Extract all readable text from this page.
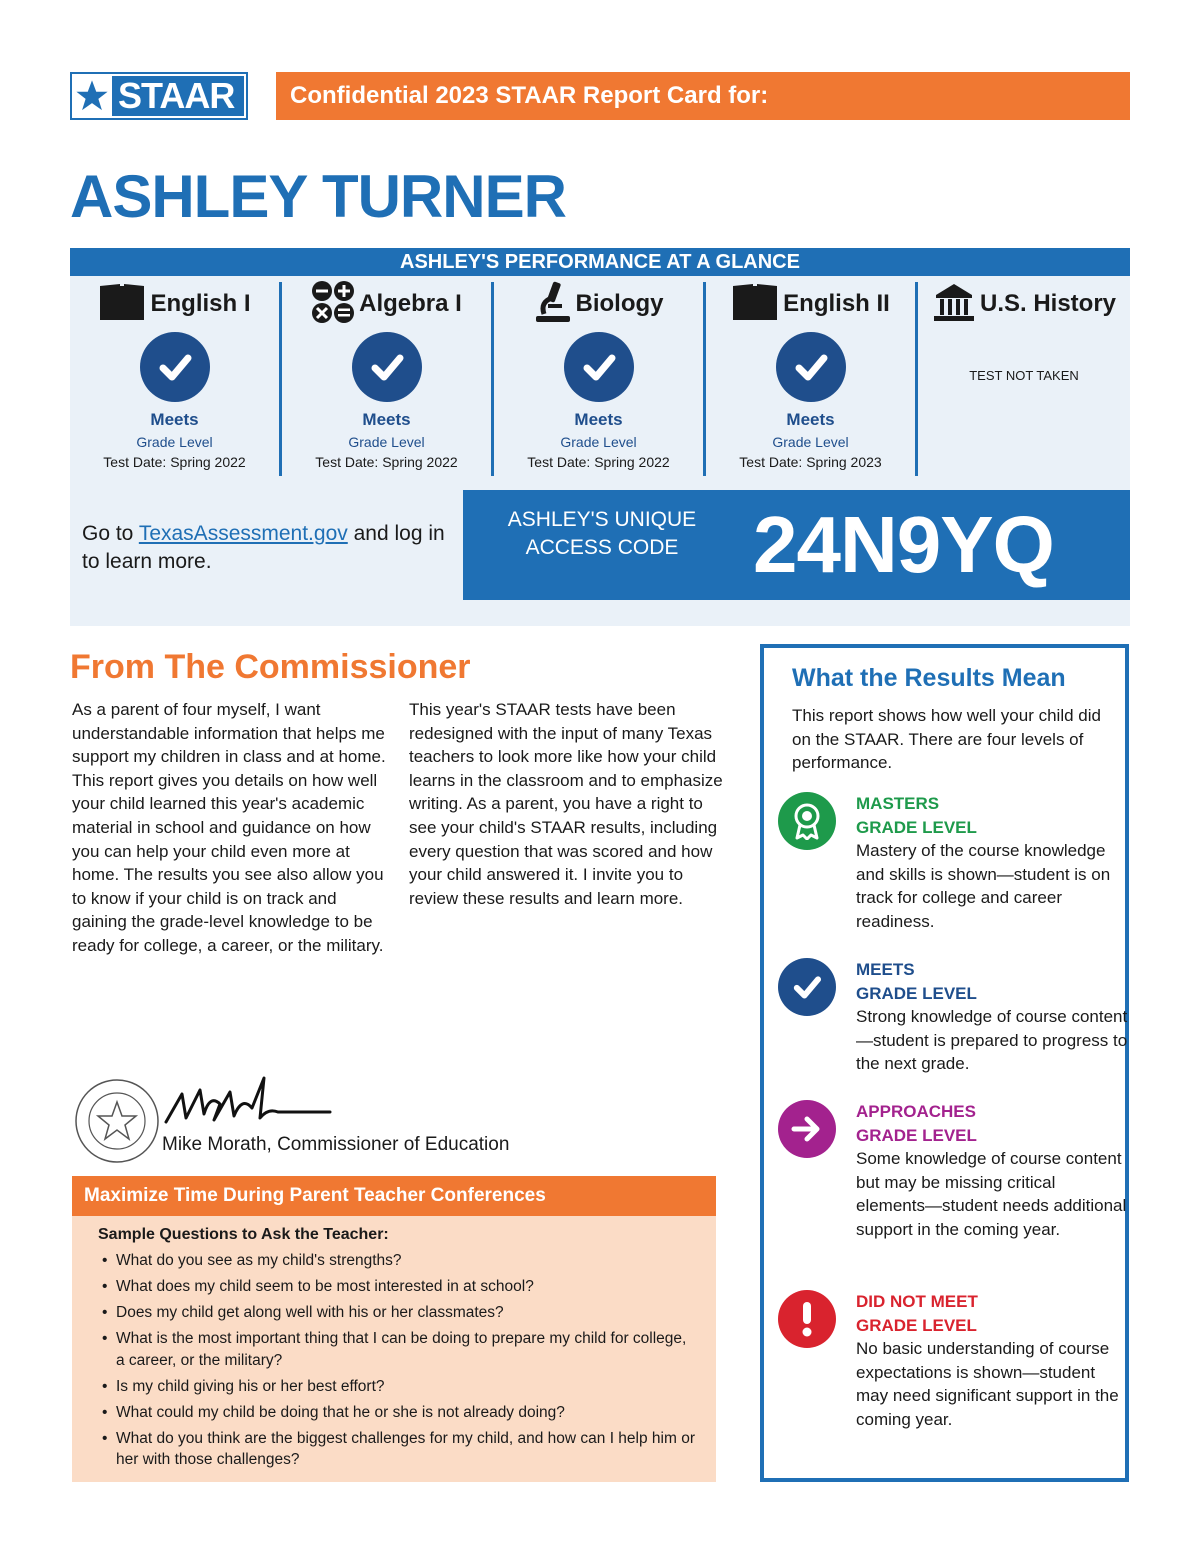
STAAR	Confidential 2023 STAAR Report Card for:
ASHLEY TURNER
ASHLEY'S PERFORMANCE AT A GLANCE
English I
Meets
Grade Level
Test Date: Spring 2022
Algebra I
Meets
Grade Level
Test Date: Spring 2022
Biology
Meets
Grade Level
Test Date: Spring 2022
English II
Meets
Grade Level
Test Date: Spring 2023
U.S. History
TEST NOT TAKEN
Go to TexasAssessment.gov and log in to learn more.
ASHLEY'S UNIQUE ACCESS CODE 24N9YQ
From The Commissioner
As a parent of four myself, I want understandable information that helps me support my children in class and at home. This report gives you details on how well your child learned this year's academic material in school and guidance on how you can help your child even more at home. The results you see also allow you to know if your child is on track and gaining the grade-level knowledge to be ready for college, a career, or the military.
This year's STAAR tests have been redesigned with the input of many Texas teachers to look more like how your child learns in the classroom and to emphasize writing. As a parent, you have a right to see your child's STAAR results, including every question that was scored and how your child answered it. I invite you to review these results and learn more.
Mike Morath, Commissioner of Education
Maximize Time During Parent Teacher Conferences
Sample Questions to Ask the Teacher:
• What do you see as my child's strengths?
• What does my child seem to be most interested in at school?
• Does my child get along well with his or her classmates?
• What is the most important thing that I can be doing to prepare my child for college, a career, or the military?
• Is my child giving his or her best effort?
• What could my child be doing that he or she is not already doing?
• What do you think are the biggest challenges for my child, and how can I help him or her with those challenges?
What the Results Mean
This report shows how well your child did on the STAAR. There are four levels of performance.
MASTERS
GRADE LEVEL
Mastery of the course knowledge and skills is shown—student is on track for college and career readiness.
MEETS
GRADE LEVEL
Strong knowledge of course content—student is prepared to progress to the next grade.
APPROACHES
GRADE LEVEL
Some knowledge of course content but may be missing critical elements—student needs additional support in the coming year.
DID NOT MEET
GRADE LEVEL
No basic understanding of course expectations is shown—student may need significant support in the coming year.
